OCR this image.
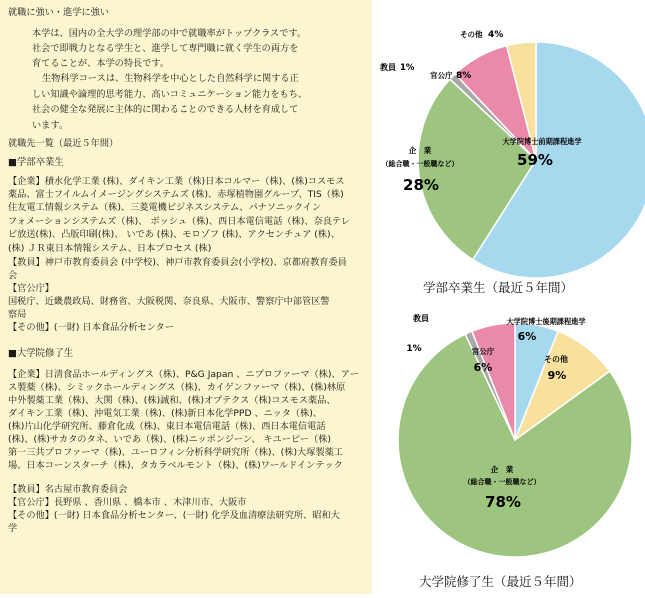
就職に強い・進学に強い
本学は、国内の全大学の理学部の中で就職率がトップクラスです。
社会で即戦力となる学生と、進学して専門職に就く学生の両方を
育てることが、本学の特長です。
生物科学コースは、生物科学を中心とした自然科学に関する正
しい知識や論理的思考能力、高いコミュニケーション能力をもち、
社会の健全な発展に主体的に関わることのできる人材を育成して
います。
就職先一覧（最近５年間）
■学部卒業生
【企業】積水化学工業 (株)、ダイキン工業（株)日本コルマー（株)、(株)コスモス
薬品、富士フイルムイメージングシステムズ (株)、赤塚植物園グループ、TIS（株)
住友電工情報システム（株)、三菱電機ビジネスシステム、パナソニックイン
フォメーションシステムズ（株)、 ボッシュ（株)、西日本電信電話（株)、奈良テレ
ビ放送(株)、凸版印刷(株)、 いであ (株)、モロゾフ (株)、アクセンチュア (株)、
(株) ＪＲ東日本情報システム、日本プロセス (株)
【教員】神戸市教育委員会 (中学校)、神戸市教育委員会(小学校)、京都府教育委員
会
【官公庁】
国税庁、近畿農政局、財務省、大阪税関、奈良県、大阪市、警察庁中部管区警
察局
【その他】(一財) 日本食品分析センター
■大学院修了生
【企業】日清食品ホールディングス（株)、P&G Japan 、ニプロファーマ（株)、アー
ス製薬（株)、シミックホールディングス（株)、カイゲンファーマ（株)、(株)林原
中外製薬工業（株)、大関（株)、(株)誠和、(株)オプテクス（株)コスモス薬品、
ダイキン工業（株)、沖電気工業（株)、(株)新日本化学PPD 、ニッタ（株)、
(株)片山化学研究所、藤倉化成（株)、東日本電信電話（株)、西日本電信電話
(株)、(株)サカタのタネ、いであ（株)、(株)ニッポンジーン、 キユーピー（株)
第一三共プロファーマ（株)、ユーロフィン分析科学研究所（株)、(株)大塚製薬工
場、日本コーンスターチ（株)、タカラベルモント（株)、(株)ワールドインテック
【教員】名古屋市教育委員会
【官公庁】長野県 、香川県 、橋本市 、木津川市、大阪市
【その他】(一財) 日本食品分析センター、(一財) 化学及血清療法研究所、昭和大
学
大学院博士前期課程進学
59%
企　業
（総合職・一般職など）
28%
教員 1%
官公庁 8%
その他 4%
大学院博士後期課程進学
6%
その他
9%
企　業
（総合職・一般職など）
78%
教員
1%	官公庁
6%
学部卒業生（最近５年間）
大学院修了生（最近５年間）
